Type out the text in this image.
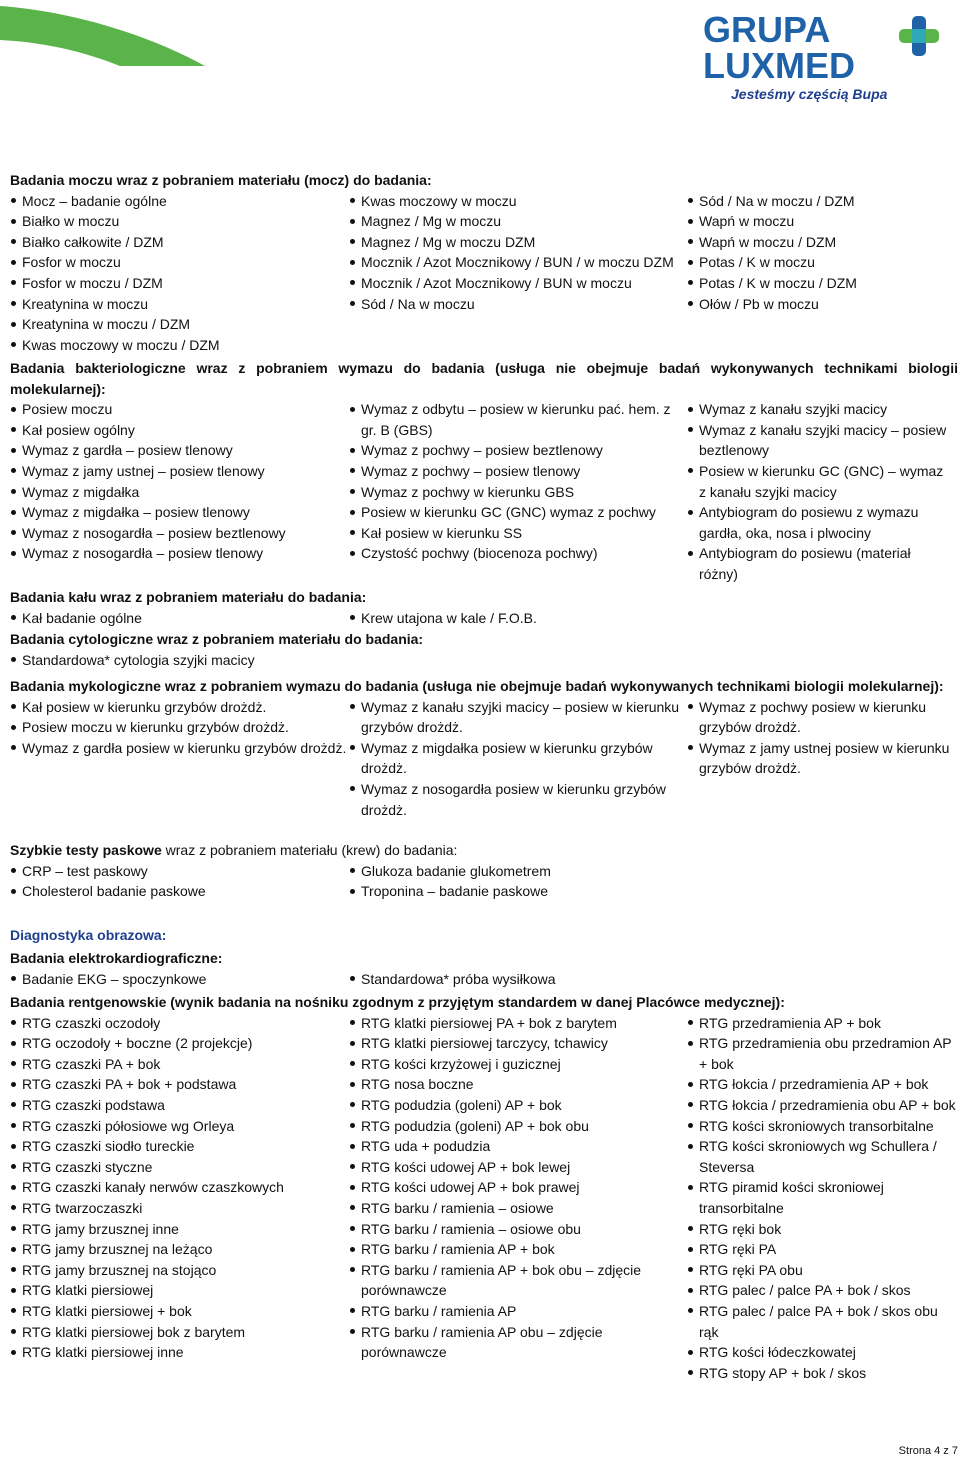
GRUPA
LUXMED
Jesteśmy częścią Bupa

Badania moczu wraz z pobraniem materiału (mocz) do badania:

Mocz – badanie ogólne
Białko w moczu
Białko całkowite / DZM
Fosfor w moczu
Fosfor w moczu / DZM
Kreatynina w moczu
Kreatynina w moczu / DZM
Kwas moczowy w moczu / DZM
Kwas moczowy w moczu
Magnez / Mg w moczu
Magnez / Mg w moczu DZM
Mocznik / Azot Mocznikowy / BUN / w moczu DZM
Mocznik / Azot Mocznikowy / BUN w moczu
Sód / Na w moczu
Sód / Na w moczu / DZM
Wapń w moczu
Wapń w moczu / DZM
Potas / K w moczu
Potas / K w moczu / DZM
Ołów / Pb w moczu

Badania bakteriologiczne wraz z pobraniem wymazu do badania (usługa nie obejmuje badań wykonywanych technikami biologii molekularnej):

Posiew moczu
Kał posiew ogólny
Wymaz z gardła – posiew tlenowy
Wymaz z jamy ustnej – posiew tlenowy
Wymaz z migdałka
Wymaz z migdałka – posiew tlenowy
Wymaz z nosogardła – posiew beztlenowy
Wymaz z nosogardła – posiew tlenowy
Wymaz z odbytu – posiew w kierunku pać. hem. z gr. B (GBS)
Wymaz z pochwy – posiew beztlenowy
Wymaz z pochwy – posiew tlenowy
Wymaz z pochwy w kierunku GBS
Posiew w kierunku GC (GNC) wymaz z pochwy
Kał posiew w kierunku SS
Czystość pochwy (biocenoza pochwy)
Wymaz z kanału szyjki macicy
Wymaz z kanału szyjki macicy – posiew beztlenowy
Posiew w kierunku GC (GNC) – wymaz z kanału szyjki macicy
Antybiogram do posiewu z wymazu gardła, oka, nosa i plwociny
Antybiogram do posiewu (materiał różny)

Badania kału wraz z pobraniem materiału do badania:

Kał badanie ogólne	Krew utajona w kale / F.O.B.

Badania cytologiczne wraz z pobraniem materiału do badania:

Standardowa* cytologia szyjki macicy

Badania mykologiczne wraz z pobraniem wymazu do badania (usługa nie obejmuje badań wykonywanych technikami biologii molekularnej):

Kał posiew w kierunku grzybów drożdż.
Posiew moczu w kierunku grzybów drożdż.
Wymaz z gardła posiew w kierunku grzybów drożdż.
Wymaz z kanału szyjki macicy – posiew w kierunku grzybów drożdż.
Wymaz z migdałka posiew w kierunku grzybów drożdż.
Wymaz z nosogardła posiew w kierunku grzybów drożdż.
Wymaz z pochwy posiew w kierunku grzybów drożdż.
Wymaz z jamy ustnej posiew w kierunku grzybów drożdż.

Szybkie testy paskowe wraz z pobraniem materiału (krew) do badania:

CRP – test paskowy
Cholesterol badanie paskowe
Glukoza badanie glukometrem
Troponina – badanie paskowe

Diagnostyka obrazowa:

Badania elektrokardiograficzne:

Badanie EKG – spoczynkowe	Standardowa* próba wysiłkowa

Badania rentgenowskie (wynik badania na nośniku zgodnym z przyjętym standardem w danej Placówce medycznej):

RTG czaszki oczodoły
RTG oczodoły + boczne (2 projekcje)
RTG czaszki PA + bok
RTG czaszki PA + bok + podstawa
RTG czaszki podstawa
RTG czaszki półosiowe wg Orleya
RTG czaszki siodło tureckie
RTG czaszki styczne
RTG czaszki kanały nerwów czaszkowych
RTG twarzoczaszki
RTG jamy brzusznej inne
RTG jamy brzusznej na leżąco
RTG jamy brzusznej na stojąco
RTG klatki piersiowej
RTG klatki piersiowej + bok
RTG klatki piersiowej bok z barytem
RTG klatki piersiowej inne
RTG klatki piersiowej PA + bok z barytem
RTG klatki piersiowej tarczycy, tchawicy
RTG kości krzyżowej i guzicznej
RTG nosa boczne
RTG podudzia (goleni) AP + bok
RTG podudzia (goleni) AP + bok obu
RTG uda + podudzia
RTG kości udowej AP + bok lewej
RTG kości udowej AP + bok prawej
RTG barku / ramienia – osiowe
RTG barku / ramienia – osiowe obu
RTG barku / ramienia AP + bok
RTG barku / ramienia AP + bok obu – zdjęcie porównawcze
RTG barku / ramienia AP
RTG barku / ramienia AP obu – zdjęcie porównawcze
RTG przedramienia AP + bok
RTG przedramienia obu przedramion AP + bok
RTG łokcia / przedramienia AP + bok
RTG łokcia / przedramienia obu AP + bok
RTG kości skroniowych transorbitalne
RTG kości skroniowych wg Schullera / Steversa
RTG piramid kości skroniowej transorbitalne
RTG ręki bok
RTG ręki PA
RTG ręki PA obu
RTG palec / palce PA + bok / skos
RTG palec / palce PA + bok / skos obu rąk
RTG kości łódeczkowatej
RTG stopy AP + bok / skos
Strona 4 z 7
